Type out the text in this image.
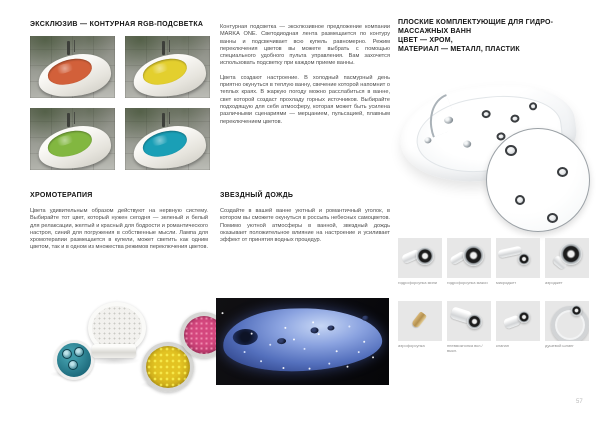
ЭКСКЛЮЗИВ — КОНТУРНАЯ RGB-ПОДСВЕТКА
ХРОМОТЕРАПИЯ

Цвета удивительным образом действуют на нервную систему. Выбирайте тот цвет, который нужен сегодня — зеленый и белый для релаксации, желтый и красный для бодрости и романтического настроя, синий для погружения в собственные мысли. Лампа для хромотерапии размещается в купели, может светить как одним цветом, так и в одном из множества режимов переключения цветов.

Контурная подсветка — эксклюзивное предложение компании MARKA ONE. Светодиодная лента размещается по контуру ванны и подсвечивает всю купель равномерно. Режим переключения цветов вы можете выбрать с помощью специального удобного пульта управления. Вам захочется использовать подсветку при каждом приеме ванны.

Цвета создают настроение. В холодный пасмурный день приятно окунуться в теплую ванну, свечение которой напомнит о теплых краях. В жаркую погоду можно расслабиться в ванне, свет которой создаст прохладу горных источников. Выбирайте подходящую для себя атмосферу, которая может быть усилена различными сценариями — мерцанием, пульсацией, плавным переключением цветов.

ЗВЕЗДНЫЙ ДОЖДЬ

Создайте в вашей ванне уютный и романтичный уголок, в котором вы сможете окунуться в россыпь небесных самоцветов. Помимо уютной атмосферы в ванной, звездный дождь оказывает положительное влияние на настроение и усиливает эффект от принятия водных процедур.

ПЛОСКИЕ КОМПЛЕКТУЮЩИЕ ДЛЯ ГИДРО-
МАССАЖНЫХ ВАНН
ЦВЕТ — ХРОМ,
МАТЕРИАЛ — МЕТАЛЛ, ПЛАСТИК
гидрофорсунка мини	гидрофорсунка макси	микроджет	аэроджет
аэрофорсунка	пневмокнопка вкл./выкл.
клапан	душевой шланг
57
